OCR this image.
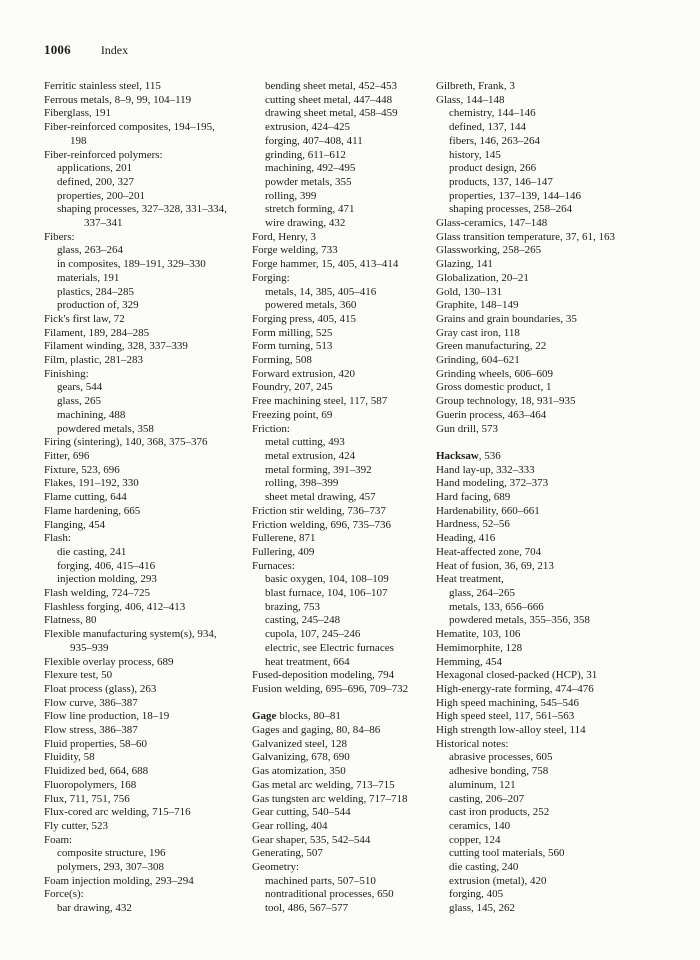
1006	Index
Ferritic stainless steel, 115
Ferrous metals, 8–9, 99, 104–119
Fiberglass, 191
Fiber-reinforced composites, 194–195,
198
Fiber-reinforced polymers:
applications, 201
defined, 200, 327
properties, 200–201
shaping processes, 327–328, 331–334,
337–341
Fibers:
glass, 263–264
in composites, 189–191, 329–330
materials, 191
plastics, 284–285
production of, 329
Fick's first law, 72
Filament, 189, 284–285
Filament winding, 328, 337–339
Film, plastic, 281–283
Finishing:
gears, 544
glass, 265
machining, 488
powdered metals, 358
Firing (sintering), 140, 368, 375–376
Fitter, 696
Fixture, 523, 696
Flakes, 191–192, 330
Flame cutting, 644
Flame hardening, 665
Flanging, 454
Flash:
die casting, 241
forging, 406, 415–416
injection molding, 293
Flash welding, 724–725
Flashless forging, 406, 412–413
Flatness, 80
Flexible manufacturing system(s), 934,
935–939
Flexible overlay process, 689
Flexure test, 50
Float process (glass), 263
Flow curve, 386–387
Flow line production, 18–19
Flow stress, 386–387
Fluid properties, 58–60
Fluidity, 58
Fluidized bed, 664, 688
Fluoropolymers, 168
Flux, 711, 751, 756
Flux-cored arc welding, 715–716
Fly cutter, 523
Foam:
composite structure, 196
polymers, 293, 307–308
Foam injection molding, 293–294
Force(s):
bar drawing, 432
bending sheet metal, 452–453
cutting sheet metal, 447–448
drawing sheet metal, 458–459
extrusion, 424–425
forging, 407–408, 411
grinding, 611–612
machining, 492–495
powder metals, 355
rolling, 399
stretch forming, 471
wire drawing, 432
Ford, Henry, 3
Forge welding, 733
Forge hammer, 15, 405, 413–414
Forging:
metals, 14, 385, 405–416
powered metals, 360
Forging press, 405, 415
Form milling, 525
Form turning, 513
Forming, 508
Forward extrusion, 420
Foundry, 207, 245
Free machining steel, 117, 587
Freezing point, 69
Friction:
metal cutting, 493
metal extrusion, 424
metal forming, 391–392
rolling, 398–399
sheet metal drawing, 457
Friction stir welding, 736–737
Friction welding, 696, 735–736
Fullerene, 871
Fullering, 409
Furnaces:
basic oxygen, 104, 108–109
blast furnace, 104, 106–107
brazing, 753
casting, 245–248
cupola, 107, 245–246
electric, see Electric furnaces
heat treatment, 664
Fused-deposition modeling, 794
Fusion welding, 695–696, 709–732
Gage blocks, 80–81
Gages and gaging, 80, 84–86
Galvanized steel, 128
Galvanizing, 678, 690
Gas atomization, 350
Gas metal arc welding, 713–715
Gas tungsten arc welding, 717–718
Gear cutting, 540–544
Gear rolling, 404
Gear shaper, 535, 542–544
Generating, 507
Geometry:
machined parts, 507–510
nontraditional processes, 650
tool, 486, 567–577
Gilbreth, Frank, 3
Glass, 144–148
chemistry, 144–146
defined, 137, 144
fibers, 146, 263–264
history, 145
product design, 266
products, 137, 146–147
properties, 137–139, 144–146
shaping processes, 258–264
Glass-ceramics, 147–148
Glass transition temperature, 37, 61, 163
Glassworking, 258–265
Glazing, 141
Globalization, 20–21
Gold, 130–131
Graphite, 148–149
Grains and grain boundaries, 35
Gray cast iron, 118
Green manufacturing, 22
Grinding, 604–621
Grinding wheels, 606–609
Gross domestic product, 1
Group technology, 18, 931–935
Guerin process, 463–464
Gun drill, 573
Hacksaw, 536
Hand lay-up, 332–333
Hand modeling, 372–373
Hard facing, 689
Hardenability, 660–661
Hardness, 52–56
Heading, 416
Heat-affected zone, 704
Heat of fusion, 36, 69, 213
Heat treatment,
glass, 264–265
metals, 133, 656–666
powdered metals, 355–356, 358
Hematite, 103, 106
Hemimorphite, 128
Hemming, 454
Hexagonal closed-packed (HCP), 31
High-energy-rate forming, 474–476
High speed machining, 545–546
High speed steel, 117, 561–563
High strength low-alloy steel, 114
Historical notes:
abrasive processes, 605
adhesive bonding, 758
aluminum, 121
casting, 206–207
cast iron products, 252
ceramics, 140
copper, 124
cutting tool materials, 560
die casting, 240
extrusion (metal), 420
forging, 405
glass, 145, 262
